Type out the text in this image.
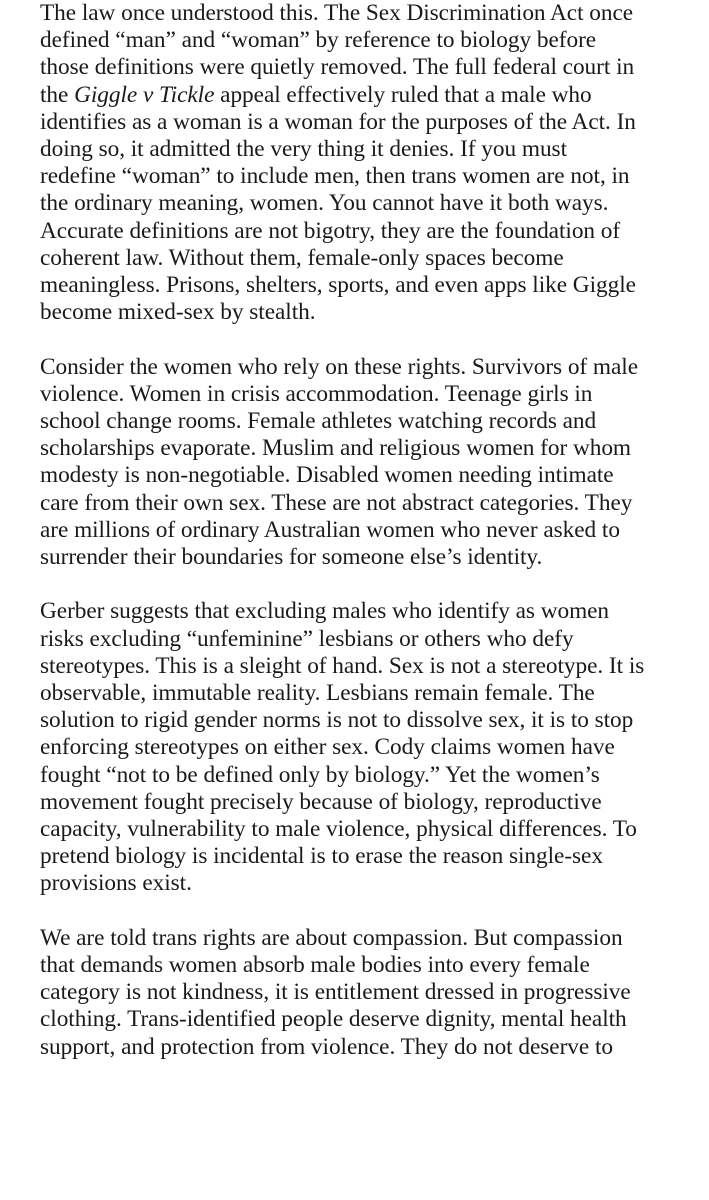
The law once understood this. The Sex Discrimination Act once
defined “man” and “woman” by reference to biology before
those definitions were quietly removed. The full federal court in
the Giggle v Tickle appeal effectively ruled that a male who
identifies as a woman is a woman for the purposes of the Act. In
doing so, it admitted the very thing it denies. If you must
redefine “woman” to include men, then trans women are not, in
the ordinary meaning, women. You cannot have it both ways.
Accurate definitions are not bigotry, they are the foundation of
coherent law. Without them, female-only spaces become
meaningless. Prisons, shelters, sports, and even apps like Giggle
become mixed-sex by stealth.

Consider the women who rely on these rights. Survivors of male
violence. Women in crisis accommodation. Teenage girls in
school change rooms. Female athletes watching records and
scholarships evaporate. Muslim and religious women for whom
modesty is non-negotiable. Disabled women needing intimate
care from their own sex. These are not abstract categories. They
are millions of ordinary Australian women who never asked to
surrender their boundaries for someone else’s identity.

Gerber suggests that excluding males who identify as women
risks excluding “unfeminine” lesbians or others who defy
stereotypes. This is a sleight of hand. Sex is not a stereotype. It is
observable, immutable reality. Lesbians remain female. The
solution to rigid gender norms is not to dissolve sex, it is to stop
enforcing stereotypes on either sex. Cody claims women have
fought “not to be defined only by biology.” Yet the women’s
movement fought precisely because of biology, reproductive
capacity, vulnerability to male violence, physical differences. To
pretend biology is incidental is to erase the reason single-sex
provisions exist.

We are told trans rights are about compassion. But compassion
that demands women absorb male bodies into every female
category is not kindness, it is entitlement dressed in progressive
clothing. Trans-identified people deserve dignity, mental health
support, and protection from violence. They do not deserve to
